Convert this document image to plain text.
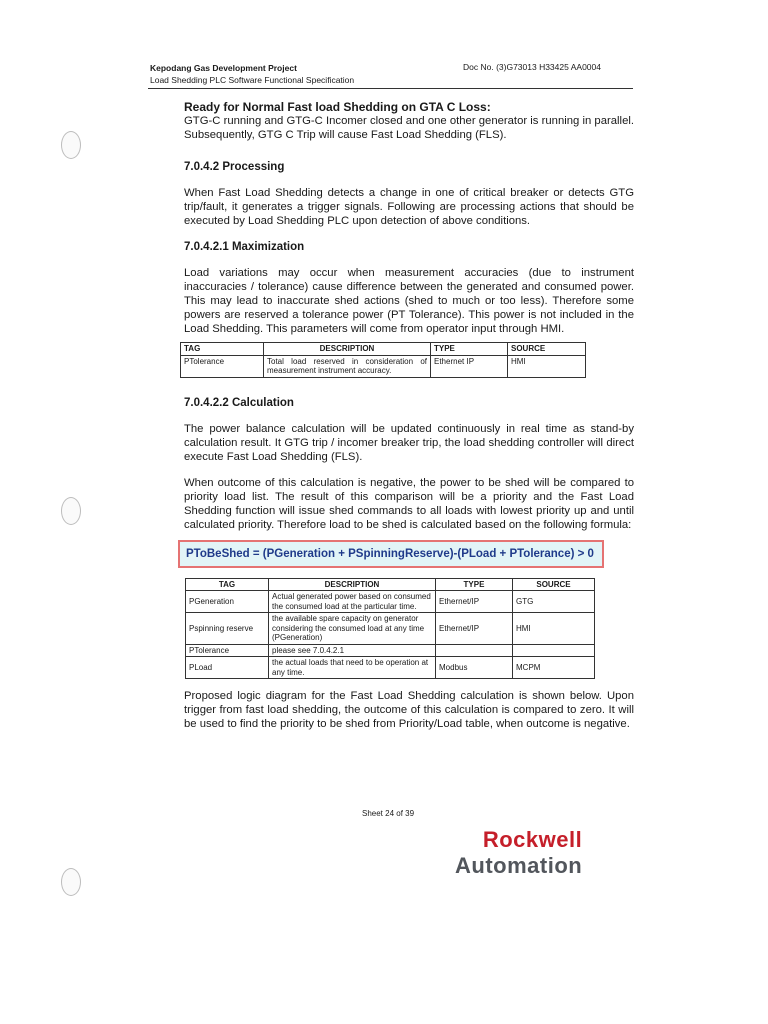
Kepodang Gas Development Project
Load Shedding PLC Software Functional Specification
Doc No. (3)G73013 H33425 AA0004
Ready for Normal Fast load Shedding on GTA C Loss:

GTG-C running and GTG-C Incomer closed and one other generator is running in parallel. Subsequently, GTG C Trip will cause Fast Load Shedding (FLS).

7.0.4.2 Processing

When Fast Load Shedding detects a change in one of critical breaker or detects GTG trip/fault, it generates a trigger signals. Following are processing actions that should be executed by Load Shedding PLC upon detection of above conditions.

7.0.4.2.1 Maximization

Load variations may occur when measurement accuracies (due to instrument inaccuracies / tolerance) cause difference between the generated and consumed power. This may lead to inaccurate shed actions (shed to much or too less). Therefore some powers are reserved a tolerance power (PT Tolerance). This power is not included in the Load Shedding. This parameters will come from operator input through HMI.

TAG	DESCRIPTION	TYPE	SOURCE
PTolerance	Total load reserved in consideration of measurement instrument accuracy.	Ethernet IP	HMI
7.0.4.2.2 Calculation

The power balance calculation will be updated continuously in real time as stand-by calculation result. It GTG trip / incomer breaker trip, the load shedding controller will direct execute Fast Load Shedding (FLS).

When outcome of this calculation is negative, the power to be shed will be compared to priority load list. The result of this comparison will be a priority and the Fast Load Shedding function will issue shed commands to all loads with lowest priority up and until calculated priority. Therefore load to be shed is calculated based on the following formula:

PToBeShed = (PGeneration + PSpinningReserve)-(PLoad + PTolerance) > 0
TAG	DESCRIPTION	TYPE	SOURCE
PGeneration	Actual generated power based on consumed the consumed load at the particular time.	Ethernet/IP	GTG
Pspinning reserve	the available spare capacity on generator considering the consumed load at any time (PGeneration)	Ethernet/IP	HMI
PTolerance	please see 7.0.4.2.1		
PLoad	the actual loads that need to be operation at any time.	Modbus	MCPM

Proposed logic diagram for the Fast Load Shedding calculation is shown below. Upon trigger from fast load shedding, the outcome of this calculation is compared to zero. It will be used to find the priority to be shed from Priority/Load table, when outcome is negative.

Sheet 24 of 39
Rockwell
Automation
